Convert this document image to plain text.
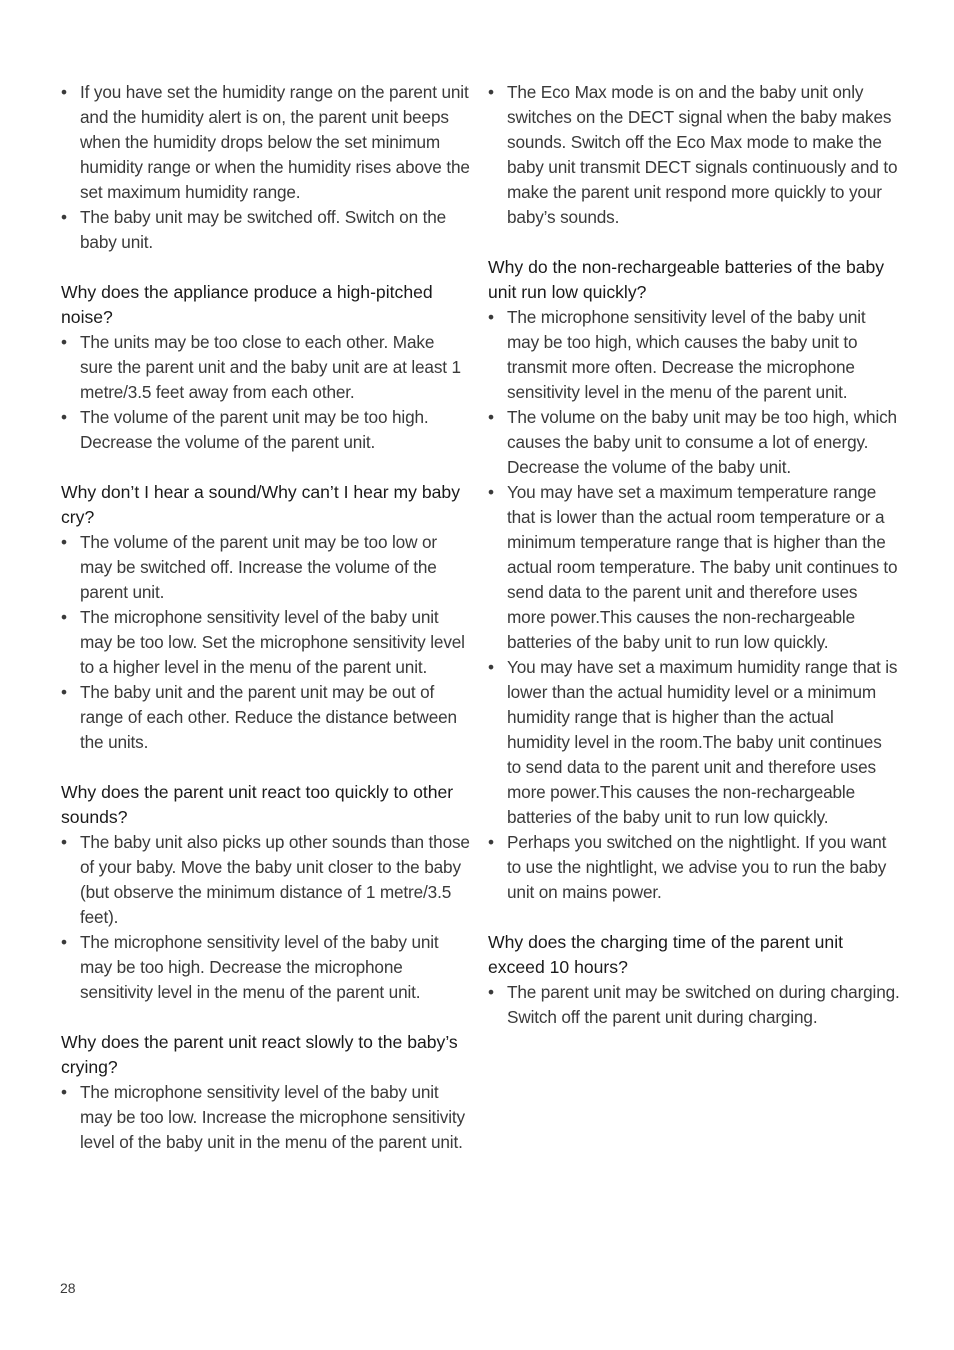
• If you have set the humidity range on the parent unit and the humidity alert is on, the parent unit beeps when the humidity drops below the set minimum humidity range or when the humidity rises above the set maximum humidity range.
• The baby unit may be switched off. Switch on the baby unit.

Why does the appliance produce a high-pitched noise?

• The units may be too close to each other. Make sure the parent unit and the baby unit are at least 1 metre/3.5 feet away from each other.
• The volume of the parent unit may be too high. Decrease the volume of the parent unit.

Why don’t I hear a sound/Why can’t I hear my baby cry?

• The volume of the parent unit may be too low or may be switched off. Increase the volume of the parent unit.
• The microphone sensitivity level of the baby unit may be too low. Set the microphone sensitivity level to a higher level in the menu of the parent unit.
• The baby unit and the parent unit may be out of range of each other. Reduce the distance between the units.

Why does the parent unit react too quickly to other sounds?

• The baby unit also picks up other sounds than those of your baby. Move the baby unit closer to the baby (but observe the minimum distance of 1 metre/3.5 feet).
• The microphone sensitivity level of the baby unit may be too high. Decrease the microphone sensitivity level in the menu of the parent unit.

Why does the parent unit react slowly to the baby’s crying?

• The microphone sensitivity level of the baby unit may be too low. Increase the microphone sensitivity level of the baby unit in the menu of the parent unit.
• The Eco Max mode is on and the baby unit only switches on the DECT signal when the baby makes sounds. Switch off the Eco Max mode to make the baby unit transmit DECT signals continuously and to make the parent unit respond more quickly to your baby’s sounds.

Why do the non-rechargeable batteries of the baby unit run low quickly?

• The microphone sensitivity level of the baby unit may be too high, which causes the baby unit to transmit more often. Decrease the microphone sensitivity level in the menu of the parent unit.
• The volume on the baby unit may be too high, which causes the baby unit to consume a lot of energy. Decrease the volume of the baby unit.
• You may have set a maximum temperature range that is lower than the actual room temperature or a minimum temperature range that is higher than the actual room temperature. The baby unit continues to send data to the parent unit and therefore uses more power.This causes the non-rechargeable batteries of the baby unit to run low quickly.
• You may have set a maximum humidity range that is lower than the actual humidity level or a minimum humidity range that is higher than the actual humidity level in the room.The baby unit continues to send data to the parent unit and therefore uses more power.This causes the non-rechargeable batteries of the baby unit to run low quickly.
• Perhaps you switched on the nightlight. If you want to use the nightlight, we advise you to run the baby unit on mains power.

Why does the charging time of the parent unit exceed 10 hours?

• The parent unit may be switched on during charging. Switch off the parent unit during charging.
28
